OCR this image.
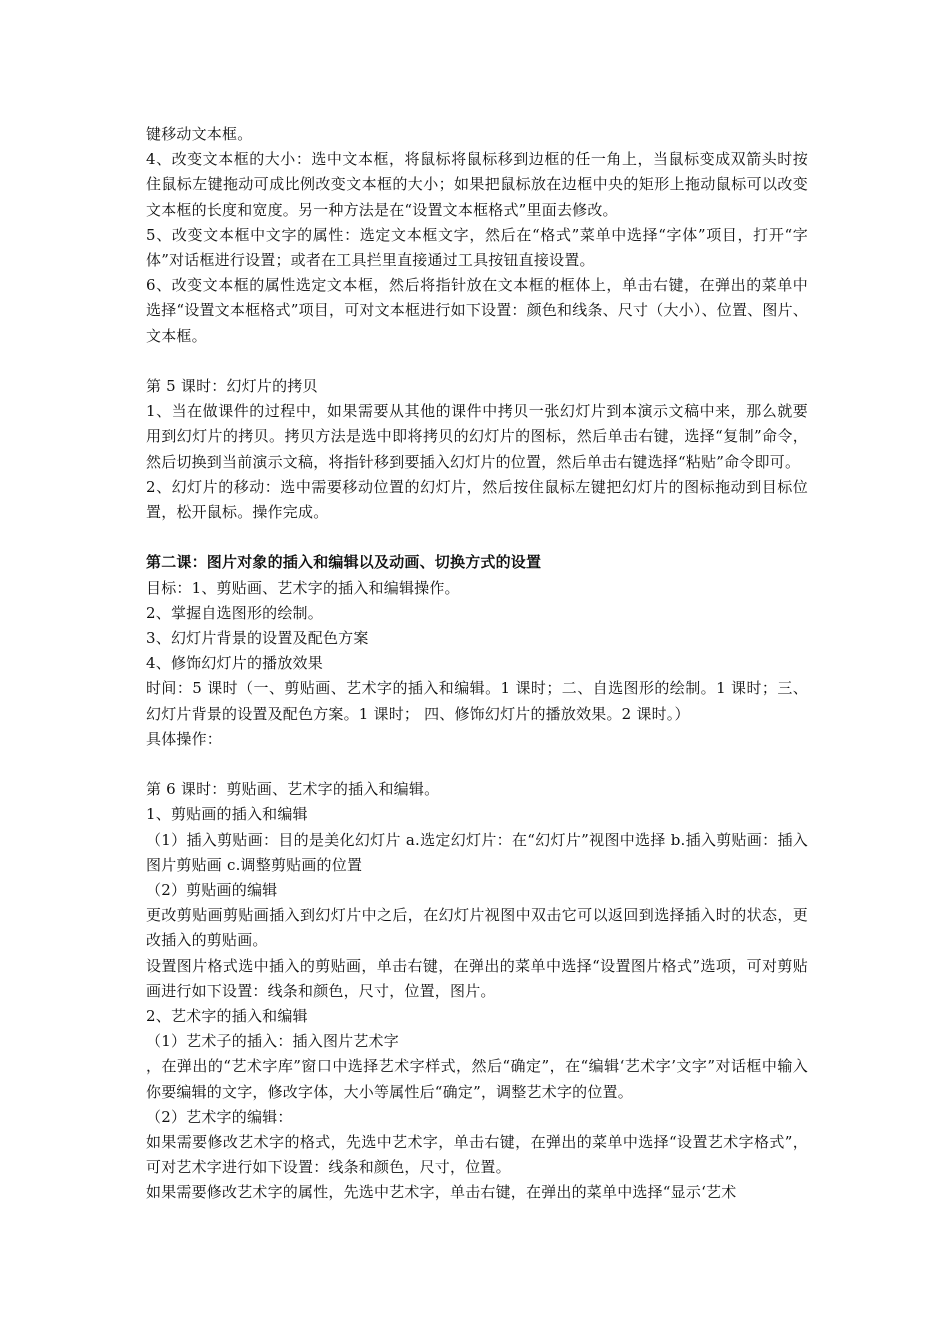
键移动文本框。

4、改变文本框的大小：选中文本框，将鼠标将鼠标移到边框的任一角上，当鼠标变成双箭头时按住鼠标左键拖动可成比例改变文本框的大小；如果把鼠标放在边框中央的矩形上拖动鼠标可以改变文本框的长度和宽度。另一种方法是在“设置文本框格式”里面去修改。

5、改变文本框中文字的属性：选定文本框文字，然后在“格式”菜单中选择“字体”项目，打开“字体”对话框进行设置；或者在工具拦里直接通过工具按钮直接设置。

6、改变文本框的属性选定文本框，然后将指针放在文本框的框体上，单击右键，在弹出的菜单中选择“设置文本框格式”项目，可对文本框进行如下设置：颜色和线条、尺寸（大小）、位置、图片、文本框。

第 5 课时：幻灯片的拷贝

1、当在做课件的过程中，如果需要从其他的课件中拷贝一张幻灯片到本演示文稿中来，那么就要用到幻灯片的拷贝。拷贝方法是选中即将拷贝的幻灯片的图标，然后单击右键，选择“复制”命令，然后切换到当前演示文稿，将指针移到要插入幻灯片的位置，然后单击右键选择“粘贴”命令即可。

2、幻灯片的移动：选中需要移动位置的幻灯片，然后按住鼠标左键把幻灯片的图标拖动到目标位置，松开鼠标。操作完成。

第二课：图片对象的插入和编辑以及动画、切换方式的设置

目标：1、剪贴画、艺术字的插入和编辑操作。

2、掌握自选图形的绘制。

3、幻灯片背景的设置及配色方案

4、修饰幻灯片的播放效果

时间：5 课时（一、剪贴画、艺术字的插入和编辑。1 课时；二、自选图形的绘制。1 课时；三、幻灯片背景的设置及配色方案。1 课时； 四、修饰幻灯片的播放效果。2 课时。）

具体操作：

第 6 课时：剪贴画、艺术字的插入和编辑。

1、剪贴画的插入和编辑

（1）插入剪贴画：目的是美化幻灯片 a.选定幻灯片：在“幻灯片”视图中选择 b.插入剪贴画：插入图片剪贴画 c.调整剪贴画的位置

（2）剪贴画的编辑

更改剪贴画剪贴画插入到幻灯片中之后，在幻灯片视图中双击它可以返回到选择插入时的状态，更改插入的剪贴画。

设置图片格式选中插入的剪贴画，单击右键，在弹出的菜单中选择“设置图片格式”选项，可对剪贴画进行如下设置：线条和颜色，尺寸，位置，图片。

2、艺术字的插入和编辑

（1）艺术子的插入：插入图片艺术字

，在弹出的“艺术字库”窗口中选择艺术字样式，然后“确定”，在“编辑‘艺术字’文字”对话框中输入你要编辑的文字，修改字体，大小等属性后“确定”，调整艺术字的位置。

（2）艺术字的编辑：

如果需要修改艺术字的格式，先选中艺术字，单击右键，在弹出的菜单中选择“设置艺术字格式”，可对艺术字进行如下设置：线条和颜色，尺寸，位置。

如果需要修改艺术字的属性，先选中艺术字，单击右键，在弹出的菜单中选择“显示‘艺术
